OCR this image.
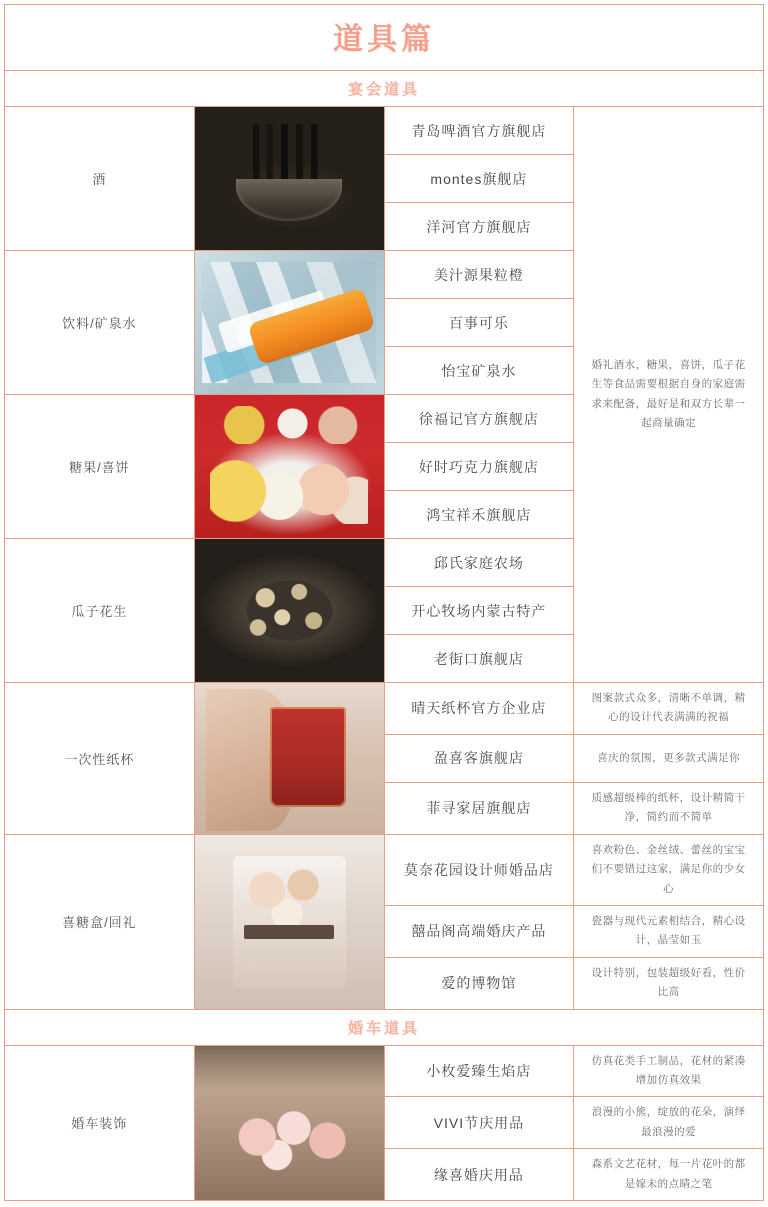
道具篇			

宴会道具			

酒		青岛啤酒官方旗舰店	婚礼酒水，糖果，喜饼，瓜子花生等食品需要根据自身的家庭需求来配备，最好是和双方长辈一起商量确定
		montes旗舰店	
		洋河官方旗舰店	
饮料/矿泉水		美汁源果粒橙	
		百事可乐	
		怡宝矿泉水	
糖果/喜饼		徐福记官方旗舰店	
		好时巧克力旗舰店	
		鸿宝祥禾旗舰店	
瓜子花生		邱氏家庭农场	
		开心牧场内蒙古特产	
		老街口旗舰店	
一次性纸杯		晴天纸杯官方企业店	图案款式众多，清晰不单调，精心的设计代表满满的祝福
		盈喜客旗舰店	喜庆的氛围，更多款式满足你
		菲寻家居旗舰店	质感超级棒的纸杯，设计精简干净，简约而不简单
喜糖盒/回礼		莫奈花园设计师婚品店	喜欢粉色、金丝绒、蕾丝的宝宝们不要错过这家，满足你的少女心
		囍品阁高端婚庆产品	瓷器与现代元素相结合，精心设计，晶莹如玉
		爱的博物馆	设计特别，包装超级好看，性价比高

婚车道具			

婚车装饰		小枚爱臻生焰店	仿真花类手工制品，花材的紧凑增加仿真效果
		VIVI节庆用品	浪漫的小熊，绽放的花朵，演绎最浪漫的爱
		缘喜婚庆用品	森系文艺花材，每一片花叶的都是嫁未的点睛之笔
